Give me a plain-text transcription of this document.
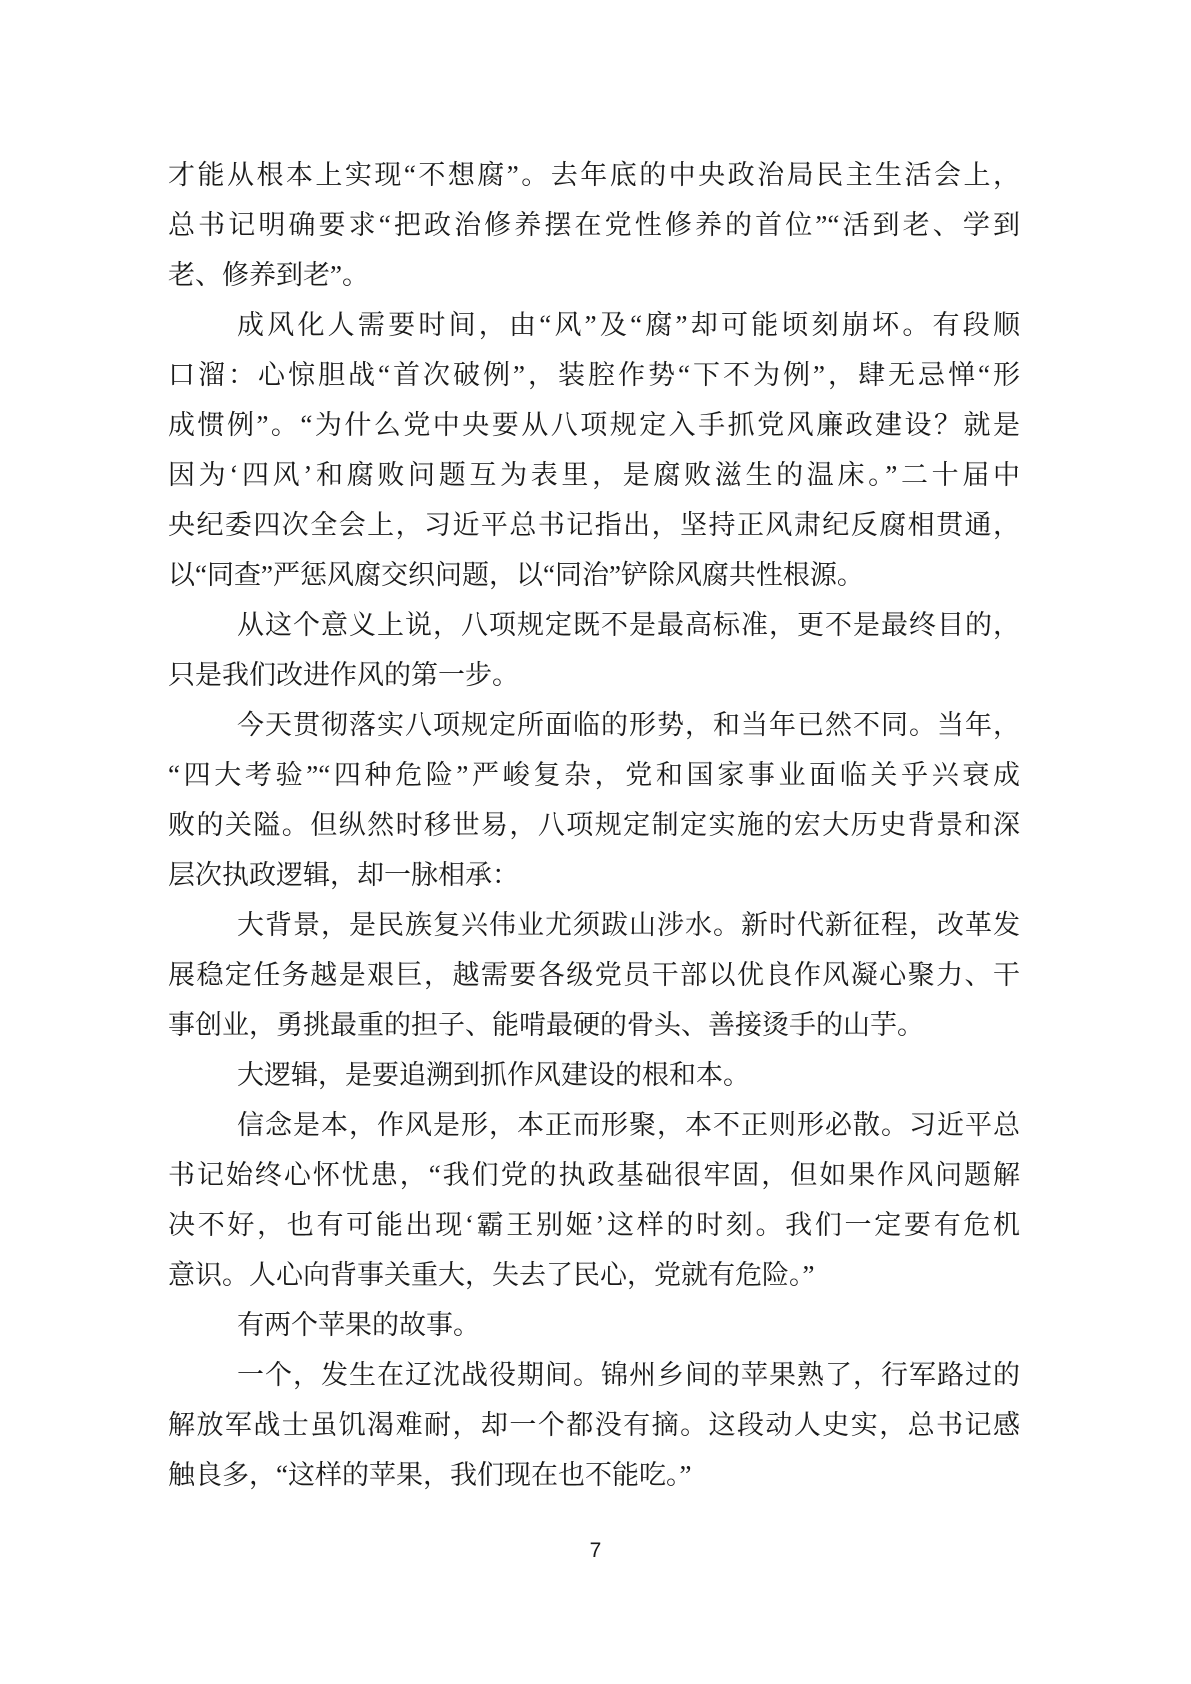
才能从根本上实现“不想腐”。去年底的中央政治局民主生活会上，
总书记明确要求“把政治修养摆在党性修养的首位”“活到老、学到
老、修养到老”。
成风化人需要时间，由“风”及“腐”却可能顷刻崩坏。有段顺
口溜：心惊胆战“首次破例”，装腔作势“下不为例”，肆无忌惮“形
成惯例”。“为什么党中央要从八项规定入手抓党风廉政建设？就是
因为‘四风’和腐败问题互为表里，是腐败滋生的温床。”二十届中
央纪委四次全会上，习近平总书记指出，坚持正风肃纪反腐相贯通，
以“同查”严惩风腐交织问题，以“同治”铲除风腐共性根源。
从这个意义上说，八项规定既不是最高标准，更不是最终目的，
只是我们改进作风的第一步。
今天贯彻落实八项规定所面临的形势，和当年已然不同。当年，
“四大考验”“四种危险”严峻复杂，党和国家事业面临关乎兴衰成
败的关隘。但纵然时移世易，八项规定制定实施的宏大历史背景和深
层次执政逻辑，却一脉相承：
大背景，是民族复兴伟业尤须跋山涉水。新时代新征程，改革发
展稳定任务越是艰巨，越需要各级党员干部以优良作风凝心聚力、干
事创业，勇挑最重的担子、能啃最硬的骨头、善接烫手的山芋。
大逻辑，是要追溯到抓作风建设的根和本。
信念是本，作风是形，本正而形聚，本不正则形必散。习近平总
书记始终心怀忧患，“我们党的执政基础很牢固，但如果作风问题解
决不好，也有可能出现‘霸王别姬’这样的时刻。我们一定要有危机
意识。人心向背事关重大，失去了民心，党就有危险。”
有两个苹果的故事。
一个，发生在辽沈战役期间。锦州乡间的苹果熟了，行军路过的
解放军战士虽饥渴难耐，却一个都没有摘。这段动人史实，总书记感
触良多，“这样的苹果，我们现在也不能吃。”
7
